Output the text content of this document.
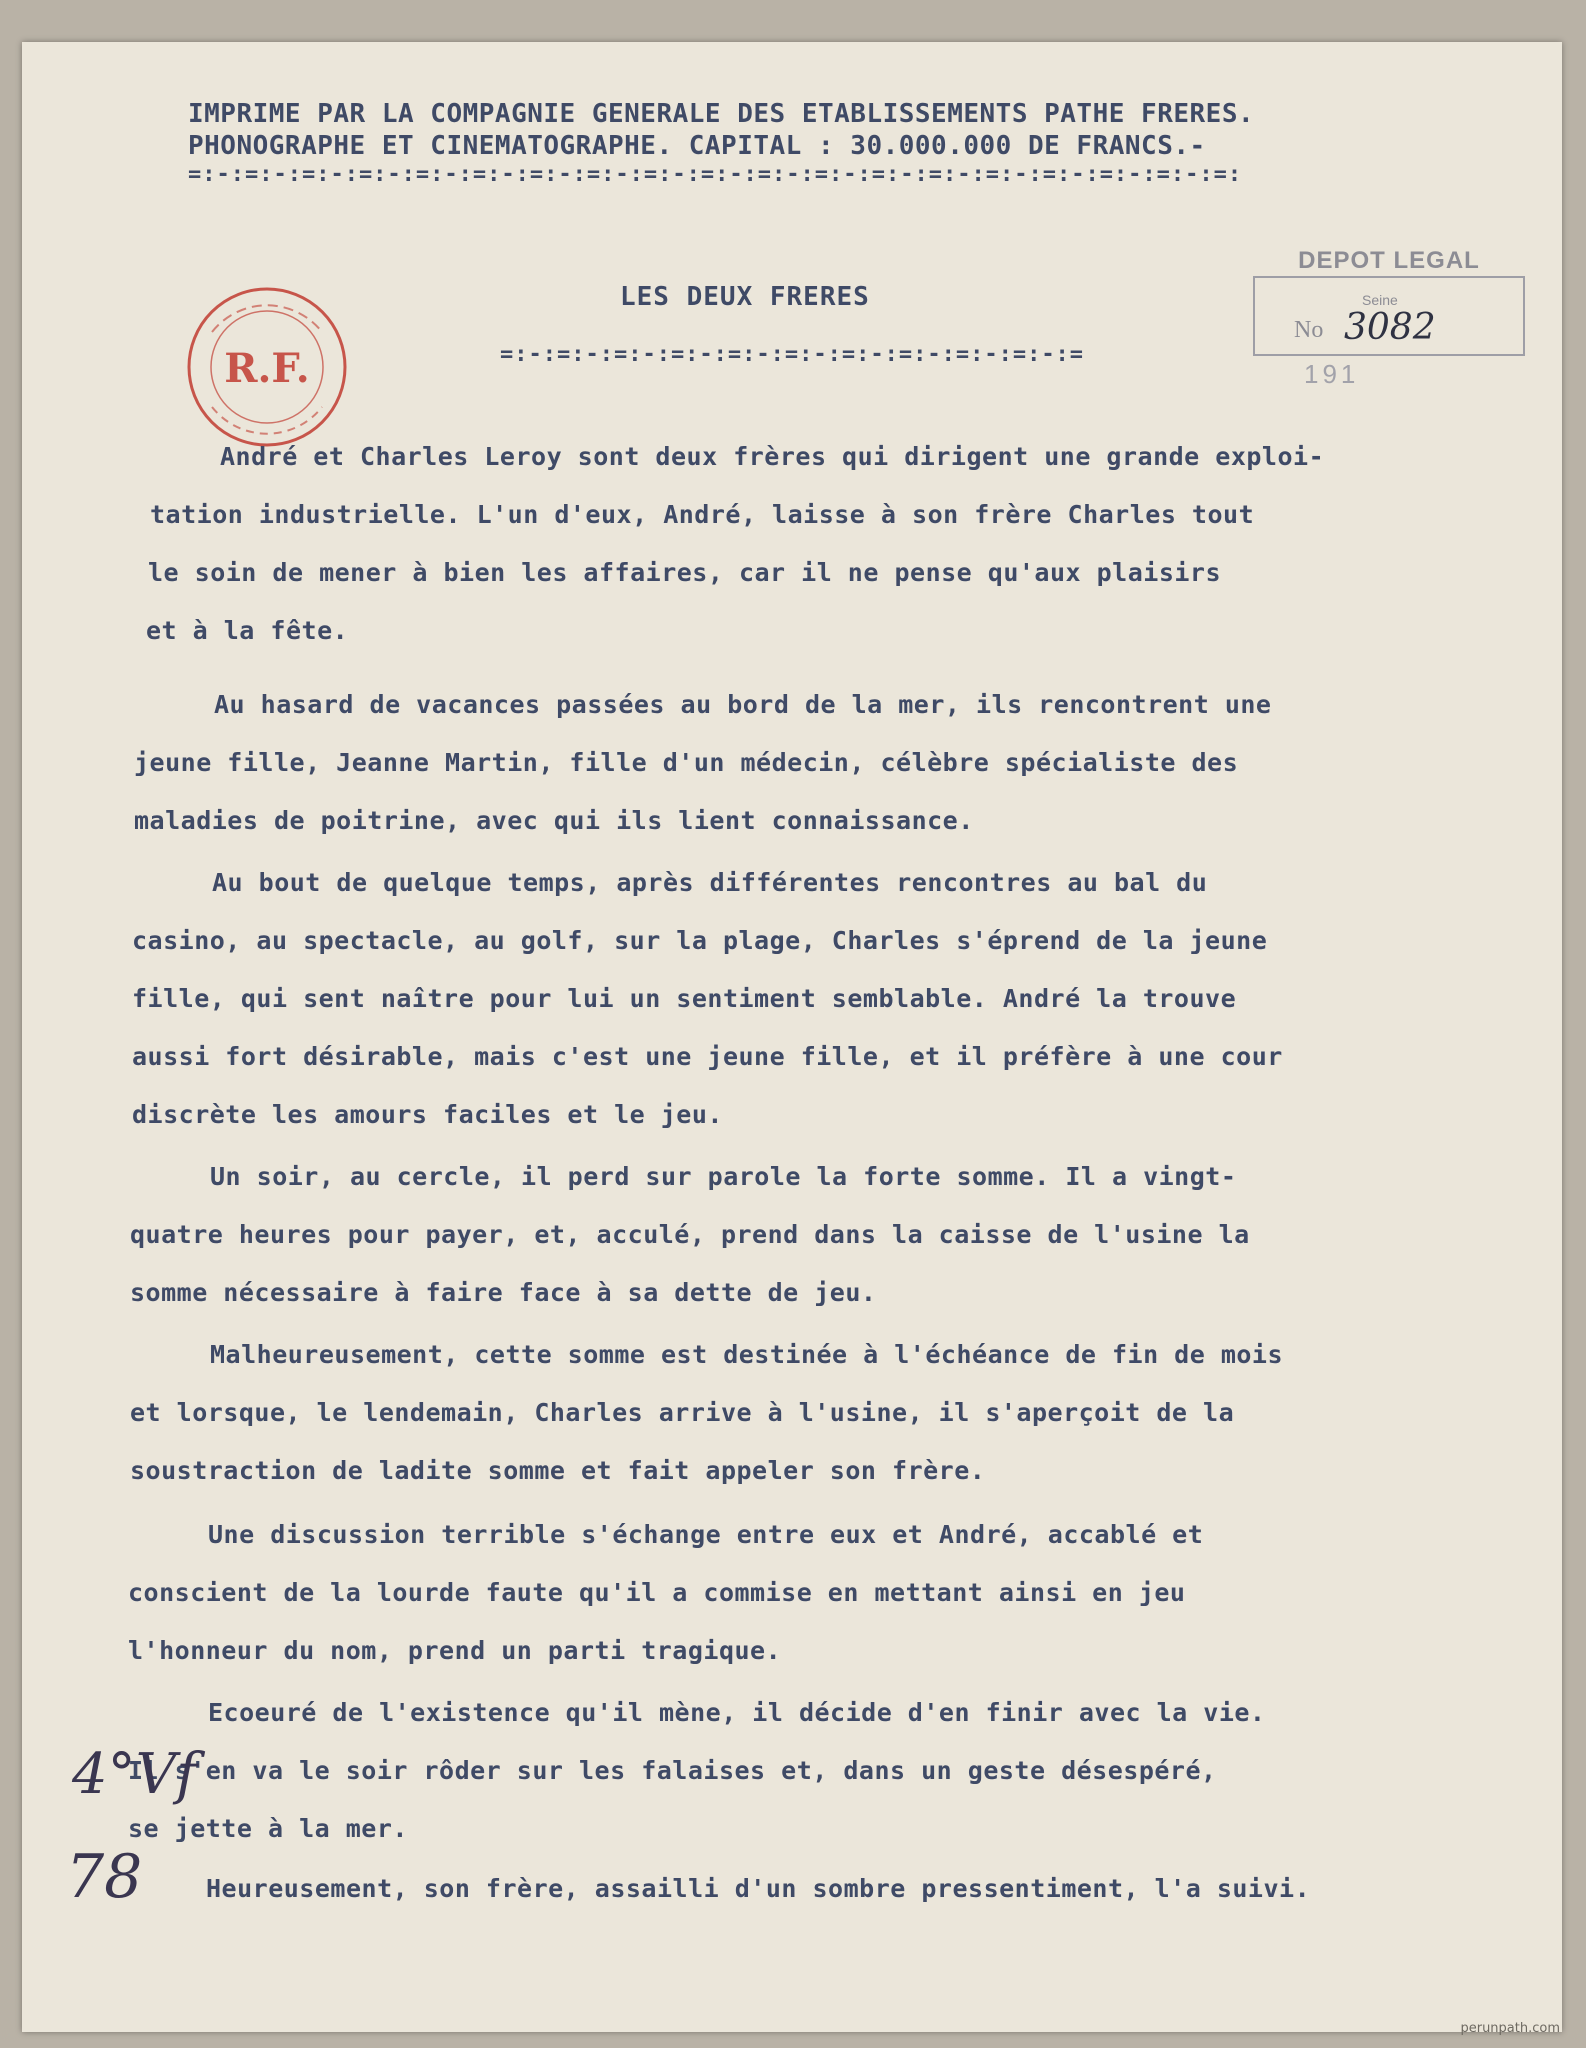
IMPRIME PAR LA COMPAGNIE GENERALE DES ETABLISSEMENTS PATHE FRERES.
PHONOGRAPHE ET CINEMATOGRAPHE. CAPITAL : 30.000.000 DE FRANCS.-
=:-:=:-:=:-:=:-:=:-:=:-:=:-:=:-:=:-:=:-:=:-:=:-:=:-:=:-:=:-:=:-:=:-:=:-:=:
LES DEUX FRERES
=:-:=:-:=:-:=:-:=:-:=:-:=:-:=:-:=:-:=:-:=
R.F.
DEPOT LEGAL
Seine
No 3082
191
André et Charles Leroy sont deux frères qui dirigent une grande exploi-
tation industrielle. L'un d'eux, André, laisse à son frère Charles tout
le soin de mener à bien les affaires, car il ne pense qu'aux plaisirs
et à la fête.
Au hasard de vacances passées au bord de la mer, ils rencontrent une
jeune fille, Jeanne Martin, fille d'un médecin, célèbre spécialiste des
maladies de poitrine, avec qui ils lient connaissance.
Au bout de quelque temps, après différentes rencontres au bal du
casino, au spectacle, au golf, sur la plage, Charles s'éprend de la jeune
fille, qui sent naître pour lui un sentiment semblable. André la trouve
aussi fort désirable, mais c'est une jeune fille, et il préfère à une cour
discrète les amours faciles et le jeu.
Un soir, au cercle, il perd sur parole la forte somme. Il a vingt-
quatre heures pour payer, et, acculé, prend dans la caisse de l'usine la
somme nécessaire à faire face à sa dette de jeu.
Malheureusement, cette somme est destinée à l'échéance de fin de mois
et lorsque, le lendemain, Charles arrive à l'usine, il s'aperçoit de la
soustraction de ladite somme et fait appeler son frère.
Une discussion terrible s'échange entre eux et André, accablé et
conscient de la lourde faute qu'il a commise en mettant ainsi en jeu
l'honneur du nom, prend un parti tragique.
Ecoeuré de l'existence qu'il mène, il décide d'en finir avec la vie.
Il s'en va le soir rôder sur les falaises et, dans un geste désespéré,
se jette à la mer.
Heureusement, son frère, assailli d'un sombre pressentiment, l'a suivi.
4°Vf
78
perunpath.com
